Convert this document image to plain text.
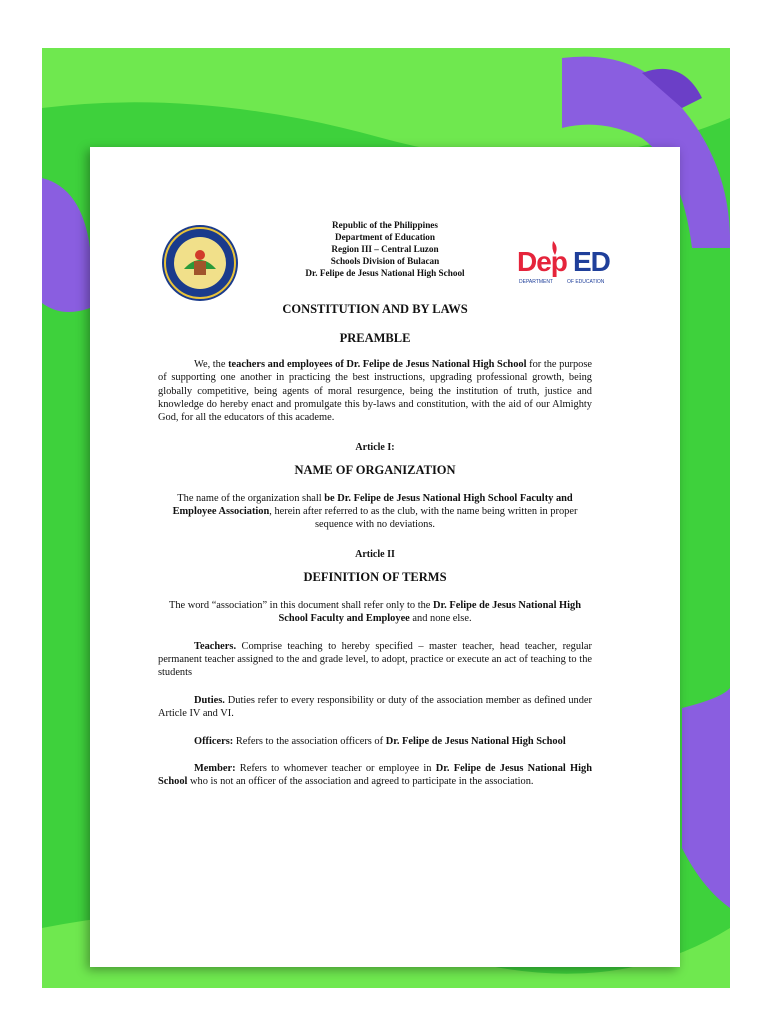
Republic of the Philippines
Department of Education
Region III – Central Luzon
Schools Division of Bulacan
Dr. Felipe de Jesus National High School	Dep ED
DEPARTMENT	OF EDUCATION
CONSTITUTION AND BY LAWS
PREAMBLE

We, the teachers and employees of Dr. Felipe de Jesus National High School for the purpose of supporting one another in practicing the best instructions, upgrading professional growth, being globally competitive, being agents of moral resurgence, being the institution of truth, justice and knowledge do hereby enact and promulgate this by-laws and constitution, with the aid of our Almighty God, for all the educators of this academe.

Article I:
NAME OF ORGANIZATION

The name of the organization shall be Dr. Felipe de Jesus National High School Faculty and Employee Association, herein after referred to as the club, with the name being written in proper sequence with no deviations.

Article II
DEFINITION OF TERMS

The word “association” in this document shall refer only to the Dr. Felipe de Jesus National High School Faculty and Employee and none else.

Teachers. Comprise teaching to hereby specified – master teacher, head teacher, regular permanent teacher assigned to the and grade level, to adopt, practice or execute an act of teaching to the students

Duties. Duties refer to every responsibility or duty of the association member as defined under Article IV and VI.

Officers: Refers to the association officers of Dr. Felipe de Jesus National High School

Member: Refers to whomever teacher or employee in Dr. Felipe de Jesus National High School who is not an officer of the association and agreed to participate in the association.
